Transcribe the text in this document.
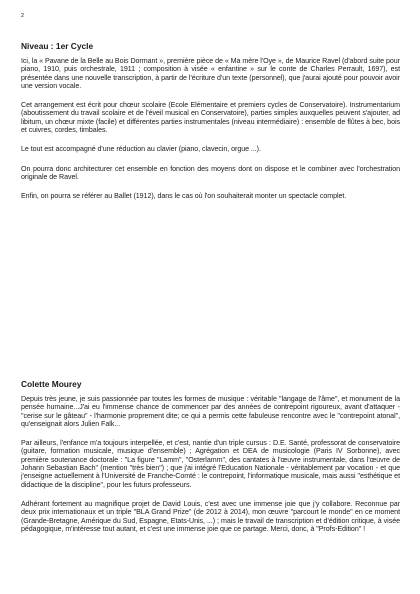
2
Niveau : 1er Cycle

Ici, la « Pavane de la Belle au Bois Dormant », première pièce de « Ma mère l'Oye », de Maurice Ravel (d'abord suite pour piano, 1910, puis orchestrale, 1911 ; composition à visée « enfantine » sur le conte de Charles Perrault, 1697), est présentée dans une nouvelle transcription, à partir de l'écriture d'un texte (personnel), que j'aurai ajouté pour pouvoir avoir une version vocale.

Cet arrangement est écrit pour chœur scolaire (Ecole Elémentaire et premiers cycles de Conservatoire). Instrumentarium (aboutissement du travail scolaire et de l'éveil musical en Conservatoire), parties simples auxquelles peuvent s'ajouter, ad libitum, un chœur mixte (facile) et différentes parties instrumentales (niveau intermédiaire) : ensemble de flûtes à bec, bois et cuivres, cordes, timbales.

Le tout est accompagné d'une réduction au clavier (piano, clavecin, orgue ...).

On pourra donc architecturer cet ensemble en fonction des moyens dont on dispose et le combiner avec l'orchestration originale de Ravel.

Enfin, on pourra se référer au Ballet (1912), dans le cas où l'on souhaiterait monter un spectacle complet.

Colette Mourey

Depuis très jeune, je suis passionnée par toutes les formes de musique : véritable "langage de l'âme", et monument de la pensée humaine...J'ai eu l'immense chance de commencer par des années de contrepoint rigoureux, avant d'attaquer - "cerise sur le gâteau" - l'harmonie proprement dite; ce qui a permis cette fabuleuse rencontre avec le "contrepoint atonal", qu'enseignait alors Julien Falk...

Par ailleurs, l'enfance m'a toujours interpellée, et c'est, nantie d'un triple cursus : D.E. Santé, professorat de conservatoire (guitare, formation musicale, musique d'ensemble) ; Agrégation et DEA de musicologie (Paris IV Sorbonne), avec première soutenance doctorale : "La figure "Lamm", "Osterlamm", des cantates à l'œuvre instrumentale, dans l'œuvre de Johann Sebastian Bach" (mention "très bien") ; que j'ai intégré l'Education Nationale - véritablement par vocation - et que j'enseigne actuellement à l'Université de Franche-Comté : le contrepoint, l'informatique musicale, mais aussi "esthétique et didactique de la discipline", pour les futurs professeurs.

Adhérant fortement au magnifique projet de David Louis, c'est avec une immense joie que j'y collabore. Reconnue par deux prix internationaux et un triple "BLA Grand Prize" (de 2012 à 2014), mon œuvre "parcourt le monde" en ce moment (Grande-Bretagne, Amérique du Sud, Espagne, Etats-Unis, ...) ; mais le travail de transcription et d'édition critique, à visée pédagogique, m'intéresse tout autant, et c'est une immense joie que ce partage. Merci, donc, à "Profs-Edition" !
